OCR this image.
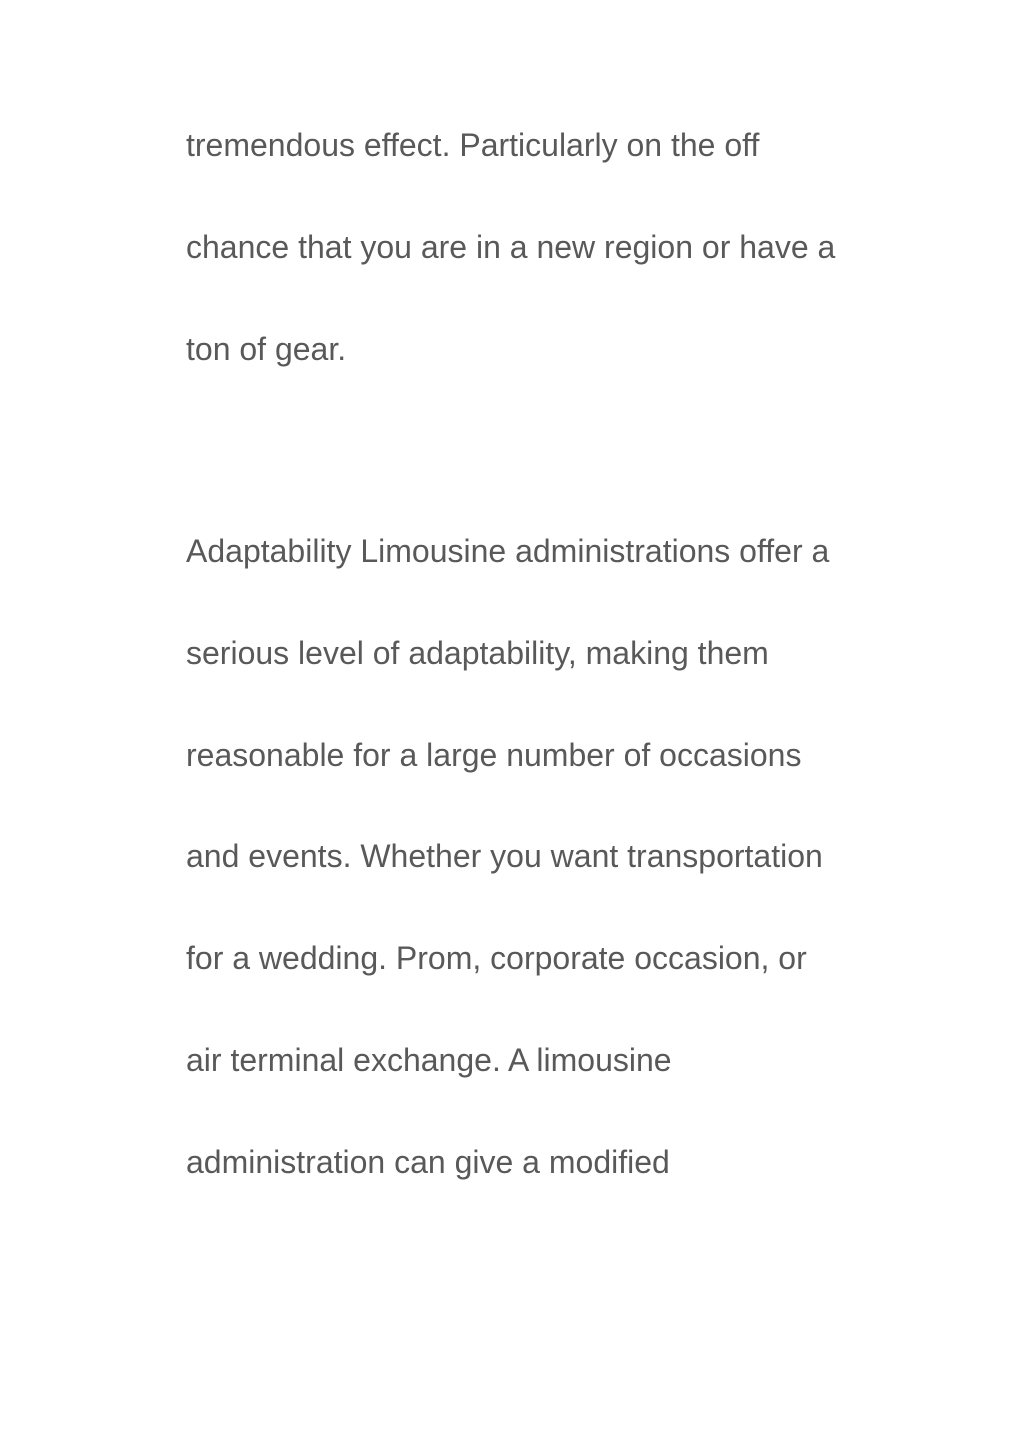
tremendous effect. Particularly on the off

chance that you are in a new region or have a

ton of gear.

Adaptability Limousine administrations offer a

serious level of adaptability, making them

reasonable for a large number of occasions

and events. Whether you want transportation

for a wedding. Prom, corporate occasion, or

air terminal exchange. A limousine

administration can give a modified
